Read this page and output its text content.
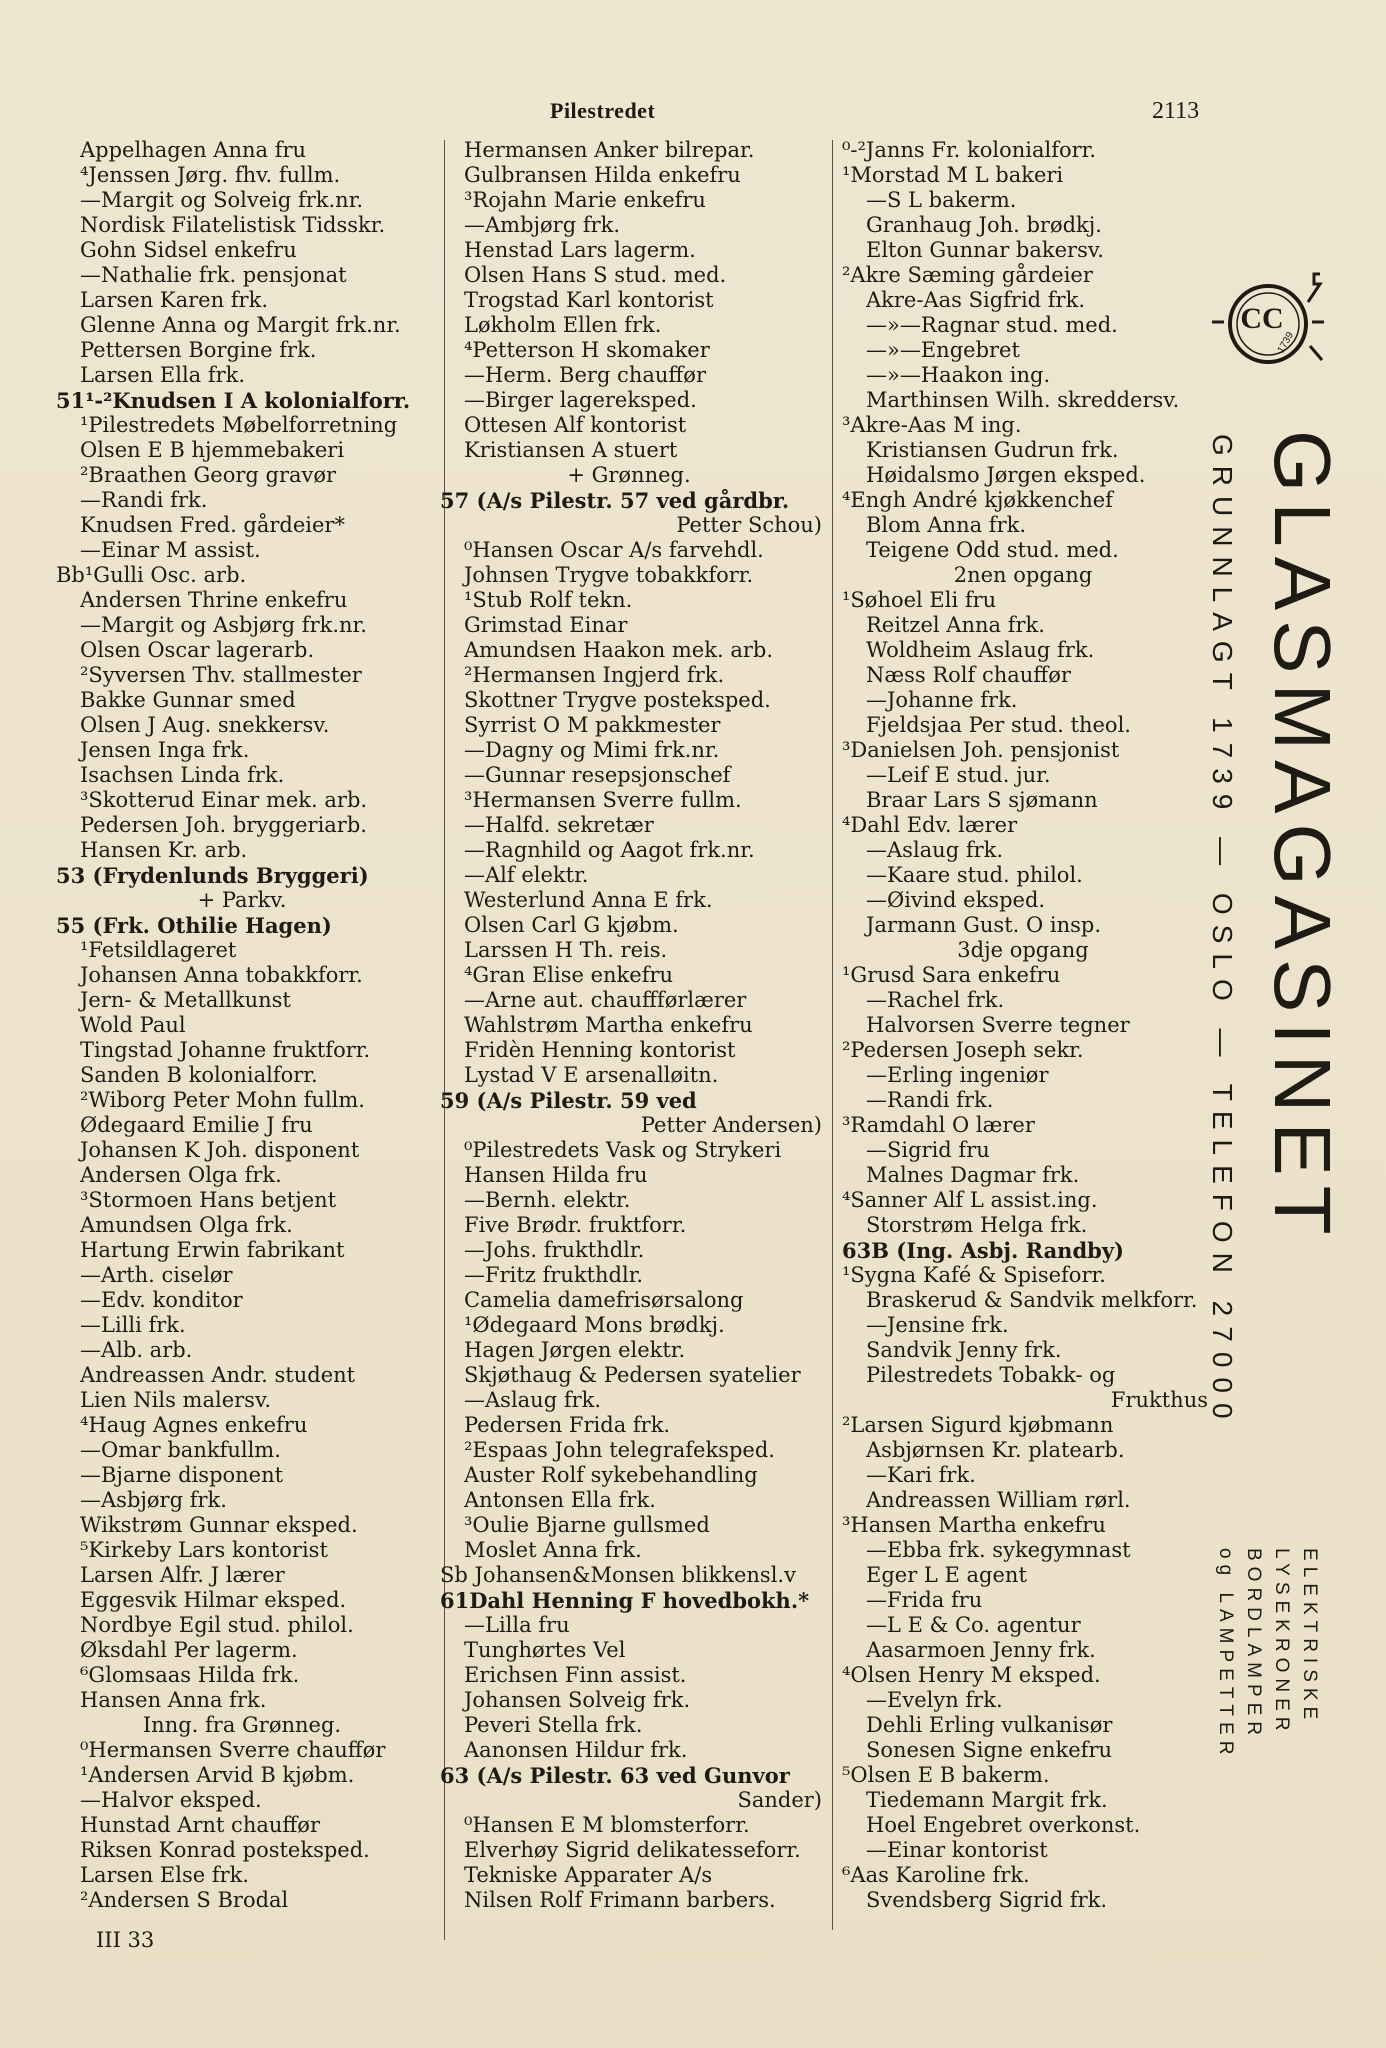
Pilestredet	2113
Appelhagen Anna fru
⁴Jenssen Jørg. fhv. fullm.
—Margit og Solveig frk.nr.
Nordisk Filatelistisk Tidsskr.
Gohn Sidsel enkefru
—Nathalie frk. pensjonat
Larsen Karen frk.
Glenne Anna og Margit frk.nr.
Pettersen Borgine frk.
Larsen Ella frk.
51¹-²Knudsen I A kolonialforr.
¹Pilestredets Møbelforretning
Olsen E B hjemmebakeri
²Braathen Georg gravør
—Randi frk.
Knudsen Fred. gårdeier*
—Einar M assist.
Bb¹Gulli Osc. arb.
Andersen Thrine enkefru
—Margit og Asbjørg frk.nr.
Olsen Oscar lagerarb.
²Syversen Thv. stallmester
Bakke Gunnar smed
Olsen J Aug. snekkersv.
Jensen Inga frk.
Isachsen Linda frk.
³Skotterud Einar mek. arb.
Pedersen Joh. bryggeriarb.
Hansen Kr. arb.
53 (Frydenlunds Bryggeri)
+ Parkv.
55 (Frk. Othilie Hagen)
¹Fetsildlageret
Johansen Anna tobakkforr.
Jern- & Metallkunst
Wold Paul
Tingstad Johanne fruktforr.
Sanden B kolonialforr.
²Wiborg Peter Mohn fullm.
Ødegaard Emilie J fru
Johansen K Joh. disponent
Andersen Olga frk.
³Stormoen Hans betjent
Amundsen Olga frk.
Hartung Erwin fabrikant
—Arth. ciselør
—Edv. konditor
—Lilli frk.
—Alb. arb.
Andreassen Andr. student
Lien Nils malersv.
⁴Haug Agnes enkefru
—Omar bankfullm.
—Bjarne disponent
—Asbjørg frk.
Wikstrøm Gunnar eksped.
⁵Kirkeby Lars kontorist
Larsen Alfr. J lærer
Eggesvik Hilmar eksped.
Nordbye Egil stud. philol.
Øksdahl Per lagerm.
⁶Glomsaas Hilda frk.
Hansen Anna frk.
Inng. fra Grønneg.
⁰Hermansen Sverre chauffør
¹Andersen Arvid B kjøbm.
—Halvor eksped.
Hunstad Arnt chauffør
Riksen Konrad posteksped.
Larsen Else frk.
²Andersen S Brodal
Hermansen Anker bilrepar.
Gulbransen Hilda enkefru
³Rojahn Marie enkefru
—Ambjørg frk.
Henstad Lars lagerm.
Olsen Hans S stud. med.
Trogstad Karl kontorist
Løkholm Ellen frk.
⁴Petterson H skomaker
—Herm. Berg chauffør
—Birger lagereksped.
Ottesen Alf kontorist
Kristiansen A stuert
+ Grønneg.
57 (A/s Pilestr. 57 ved gårdbr.
Petter Schou)
⁰Hansen Oscar A/s farvehdl.
Johnsen Trygve tobakkforr.
¹Stub Rolf tekn.
Grimstad Einar
Amundsen Haakon mek. arb.
²Hermansen Ingjerd frk.
Skottner Trygve posteksped.
Syrrist O M pakkmester
—Dagny og Mimi frk.nr.
—Gunnar resepsjonschef
³Hermansen Sverre fullm.
—Halfd. sekretær
—Ragnhild og Aagot frk.nr.
—Alf elektr.
Westerlund Anna E frk.
Olsen Carl G kjøbm.
Larssen H Th. reis.
⁴Gran Elise enkefru
—Arne aut. chauffførlærer
Wahlstrøm Martha enkefru
Fridèn Henning kontorist
Lystad V E arsenalløitn.
59 (A/s Pilestr. 59 ved
Petter Andersen)
⁰Pilestredets Vask og Strykeri
Hansen Hilda fru
—Bernh. elektr.
Five Brødr. fruktforr.
—Johs. frukthdlr.
—Fritz frukthdlr.
Camelia damefrisørsalong
¹Ødegaard Mons brødkj.
Hagen Jørgen elektr.
Skjøthaug & Pedersen syatelier
—Aslaug frk.
Pedersen Frida frk.
²Espaas John telegrafeksped.
Auster Rolf sykebehandling
Antonsen Ella frk.
³Oulie Bjarne gullsmed
Moslet Anna frk.
Sb Johansen&Monsen blikkensl.v
61Dahl Henning F hovedbokh.*
—Lilla fru
Tunghørtes Vel
Erichsen Finn assist.
Johansen Solveig frk.
Peveri Stella frk.
Aanonsen Hildur frk.
63 (A/s Pilestr. 63 ved Gunvor
Sander)
⁰Hansen E M blomsterforr.
Elverhøy Sigrid delikatesseforr.
Tekniske Apparater A/s
Nilsen Rolf Frimann barbers.
⁰-²Janns Fr. kolonialforr.
¹Morstad M L bakeri
—S L bakerm.
Granhaug Joh. brødkj.
Elton Gunnar bakersv.
²Akre Sæming gårdeier
Akre-Aas Sigfrid frk.
—»—Ragnar stud. med.
—»—Engebret
—»—Haakon ing.
Marthinsen Wilh. skreddersv.
³Akre-Aas M ing.
Kristiansen Gudrun frk.
Høidalsmo Jørgen eksped.
⁴Engh André kjøkkenchef
Blom Anna frk.
Teigene Odd stud. med.
2nen opgang
¹Søhoel Eli fru
Reitzel Anna frk.
Woldheim Aslaug frk.
Næss Rolf chauffør
—Johanne frk.
Fjeldsjaa Per stud. theol.
³Danielsen Joh. pensjonist
—Leif E stud. jur.
Braar Lars S sjømann
⁴Dahl Edv. lærer
—Aslaug frk.
—Kaare stud. philol.
—Øivind eksped.
Jarmann Gust. O insp.
3dje opgang
¹Grusd Sara enkefru
—Rachel frk.
Halvorsen Sverre tegner
²Pedersen Joseph sekr.
—Erling ingeniør
—Randi frk.
³Ramdahl O lærer
—Sigrid fru
Malnes Dagmar frk.
⁴Sanner Alf L assist.ing.
Storstrøm Helga frk.
63B (Ing. Asbj. Randby)
¹Sygna Kafé & Spiseforr.
Braskerud & Sandvik melkforr.
—Jensine frk.
Sandvik Jenny frk.
Pilestredets Tobakk- og
Frukthus
²Larsen Sigurd kjøbmann
Asbjørnsen Kr. platearb.
—Kari frk.
Andreassen William rørl.
³Hansen Martha enkefru
—Ebba frk. sykegymnast
Eger L E agent
—Frida fru
—L E & Co. agentur
Aasarmoen Jenny frk.
⁴Olsen Henry M eksped.
—Evelyn frk.
Dehli Erling vulkanisør
Sonesen Signe enkefru
⁵Olsen E B bakerm.
Tiedemann Margit frk.
Hoel Engebret overkonst.
—Einar kontorist
⁶Aas Karoline frk.
Svendsberg Sigrid frk.
III 33
CC
1739
GLASMAGASINET
GRUNNLAGT 1739 — OSLO — TELEFON 27000
ELEKTRISKE
LYSEKRONER
BORDLAMPER
og LAMPETTER
